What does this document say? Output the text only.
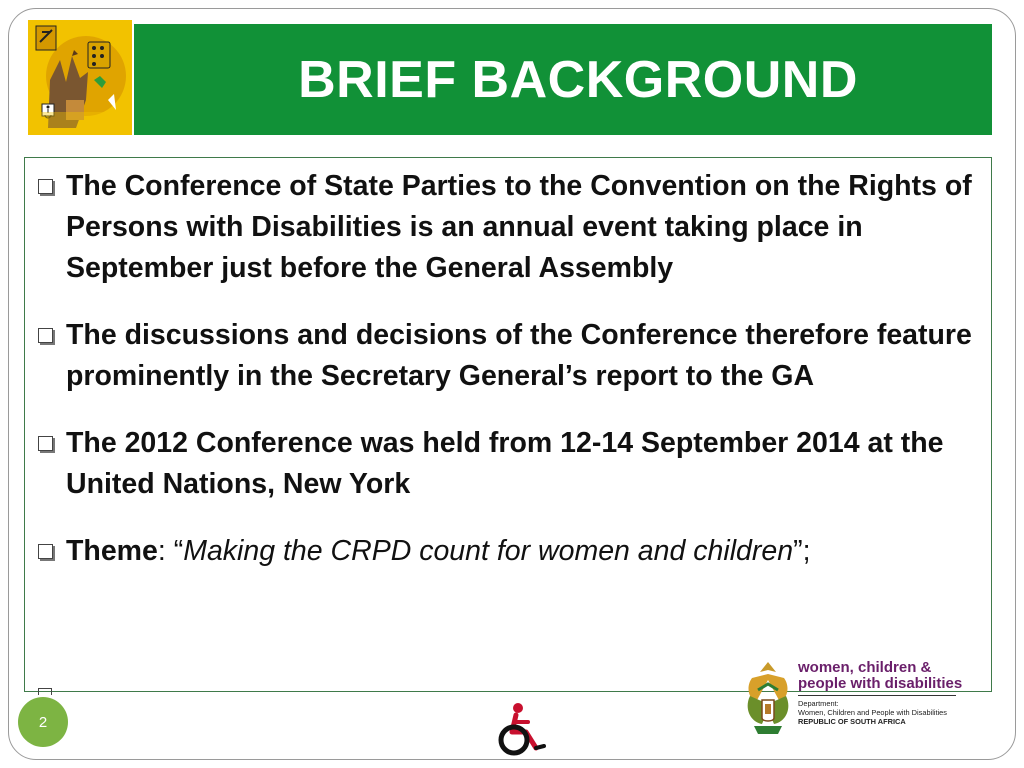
BRIEF BACKGROUND
The Conference of State Parties to the Convention on the Rights of Persons with Disabilities is an annual event taking place in September just before the General Assembly
The discussions and decisions of the Conference therefore feature prominently in the Secretary General’s report to the GA
The 2012 Conference was held from 12-14 September 2014 at the United Nations, New York
Theme: “Making the CRPD count for women and children”;
2
women, children &
people with disabilities
Department:
Women, Children and People with Disabilities
REPUBLIC OF SOUTH AFRICA
